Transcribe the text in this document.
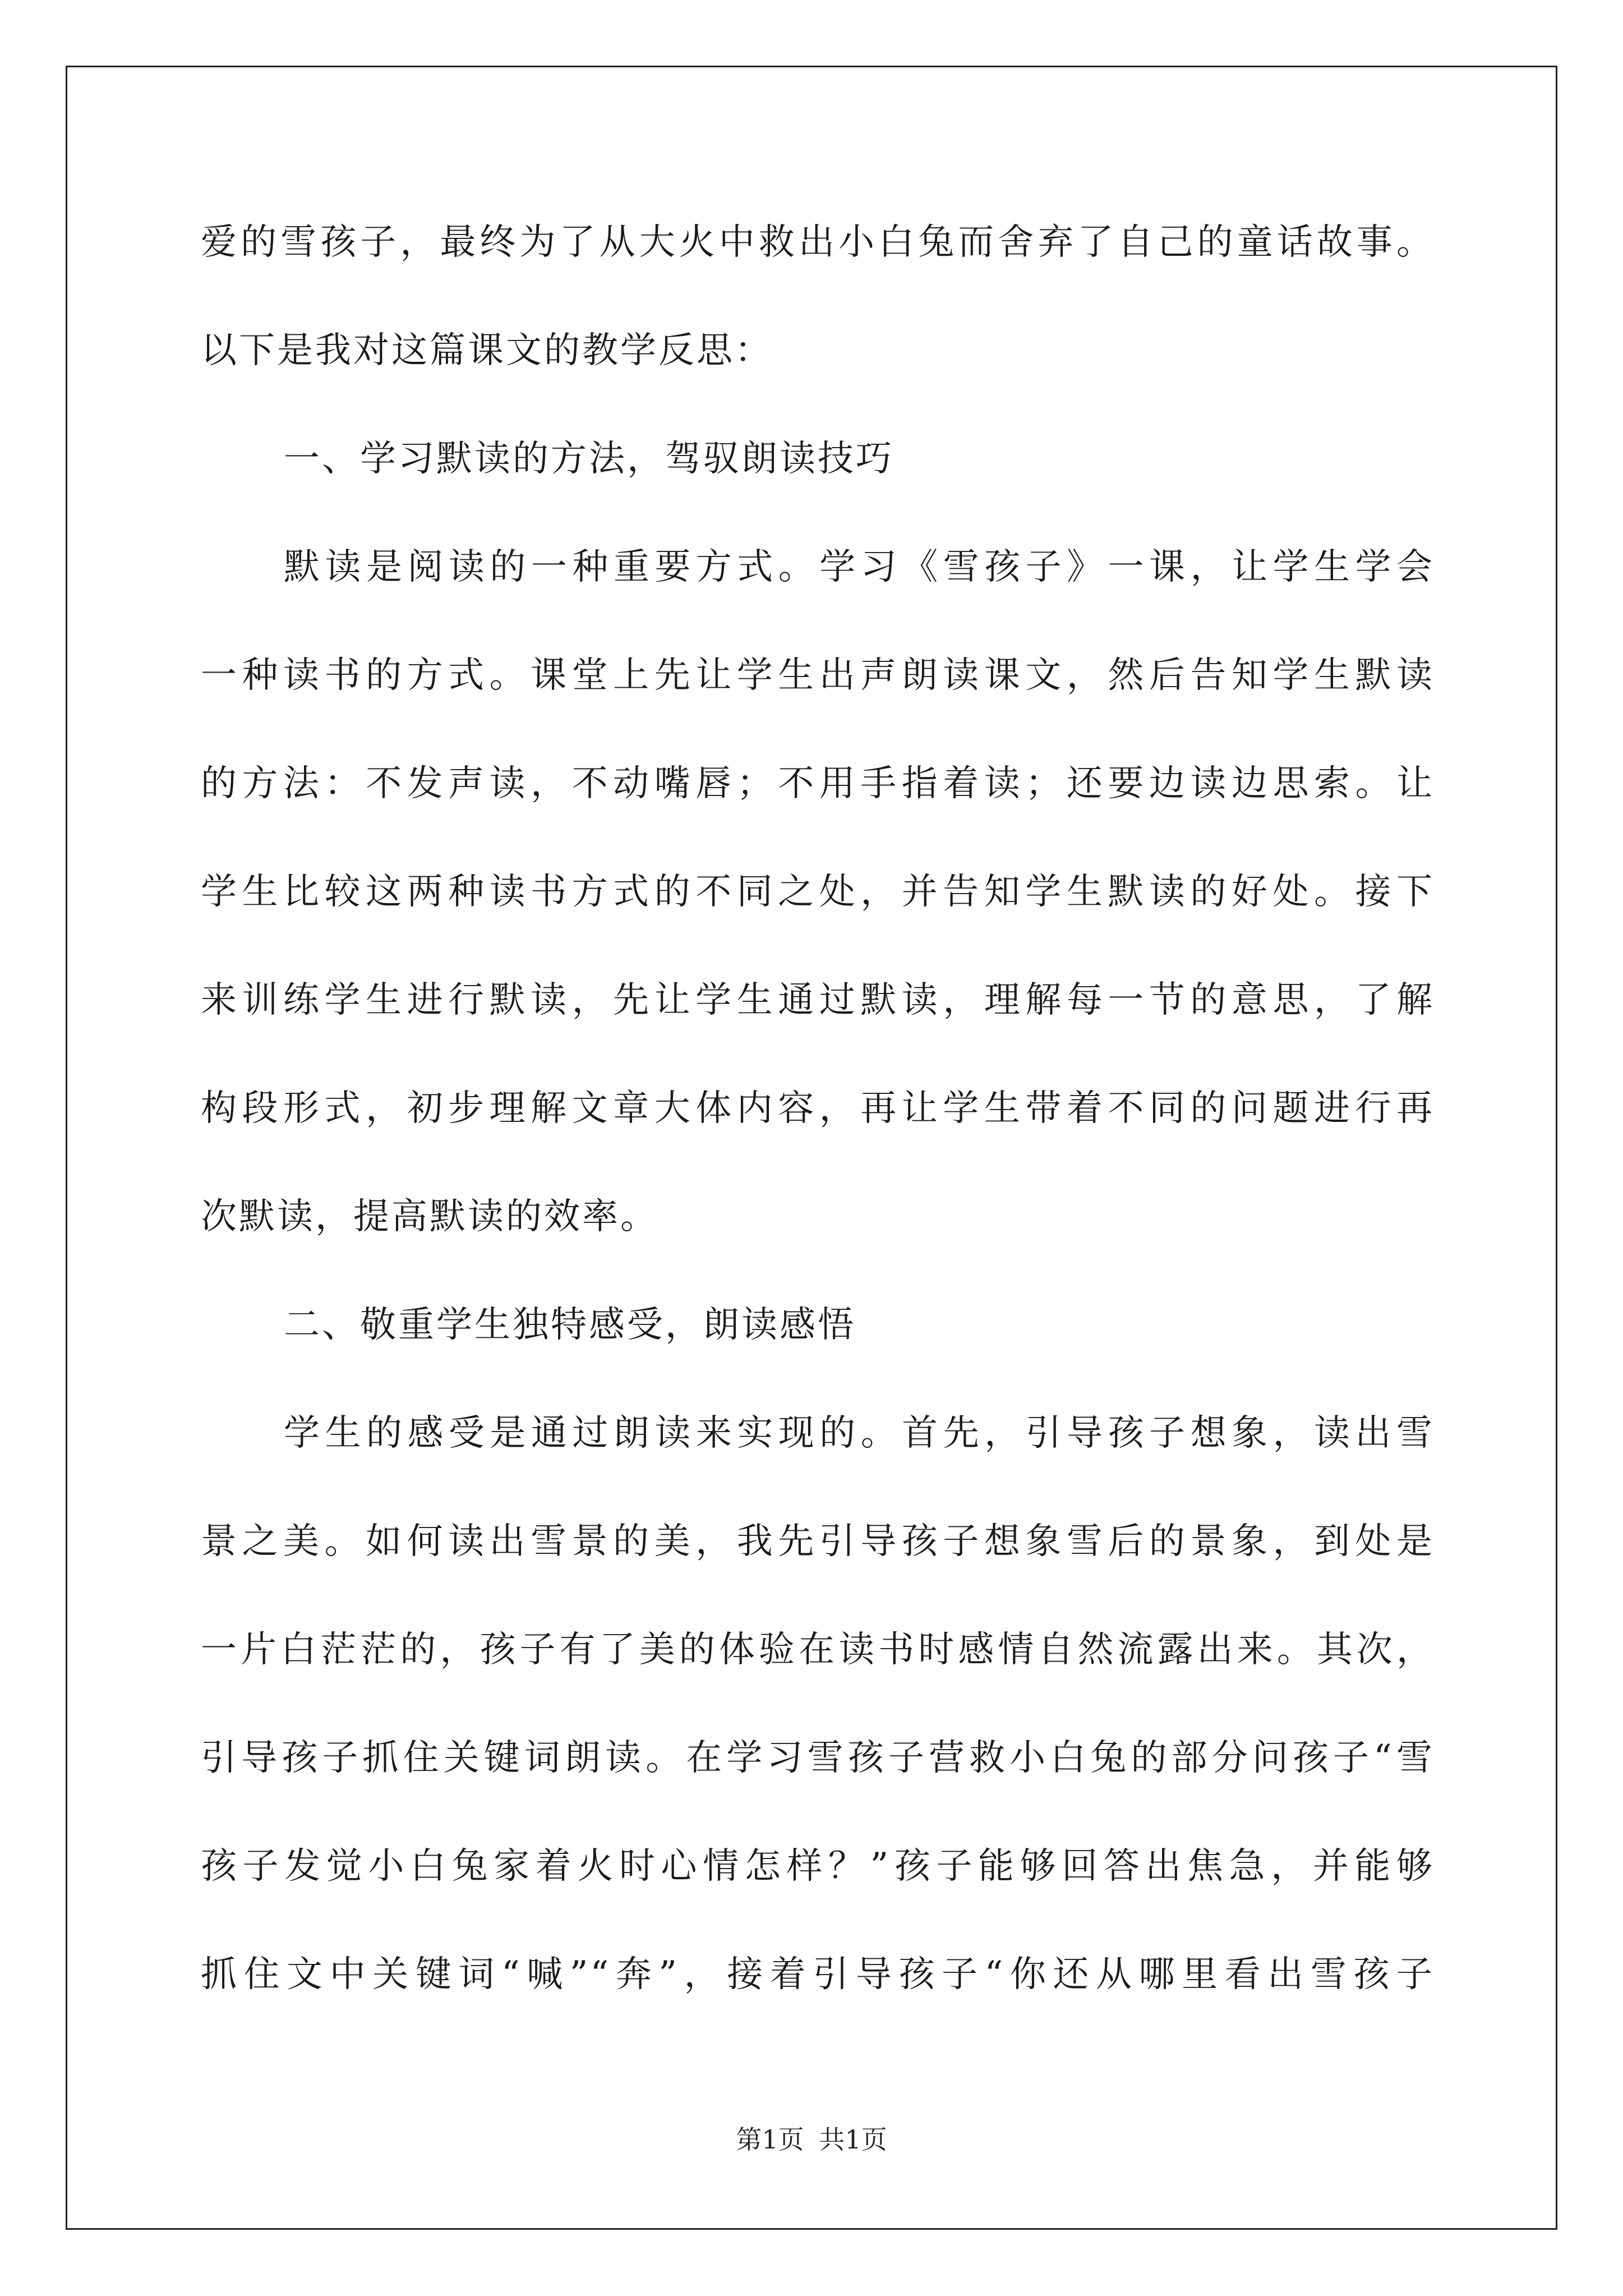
爱的雪孩子，最终为了从大火中救出小白兔而舍弃了自己的童话故事。
以下是我对这篇课文的教学反思：
一、学习默读的方法，驾驭朗读技巧
默读是阅读的一种重要方式。学习《雪孩子》一课，让学生学会
一种读书的方式。课堂上先让学生出声朗读课文，然后告知学生默读
的方法：不发声读，不动嘴唇；不用手指着读；还要边读边思索。让
学生比较这两种读书方式的不同之处，并告知学生默读的好处。接下
来训练学生进行默读，先让学生通过默读，理解每一节的意思，了解
构段形式，初步理解文章大体内容，再让学生带着不同的问题进行再
次默读，提高默读的效率。
二、敬重学生独特感受，朗读感悟
学生的感受是通过朗读来实现的。首先，引导孩子想象，读出雪
景之美。如何读出雪景的美，我先引导孩子想象雪后的景象，到处是
一片白茫茫的，孩子有了美的体验在读书时感情自然流露出来。其次，
引导孩子抓住关键词朗读。在学习雪孩子营救小白兔的部分问孩子“雪
孩子发觉小白兔家着火时心情怎样？”孩子能够回答出焦急，并能够
抓住文中关键词“喊”“奔”，接着引导孩子“你还从哪里看出雪孩子
第1页 共1页
